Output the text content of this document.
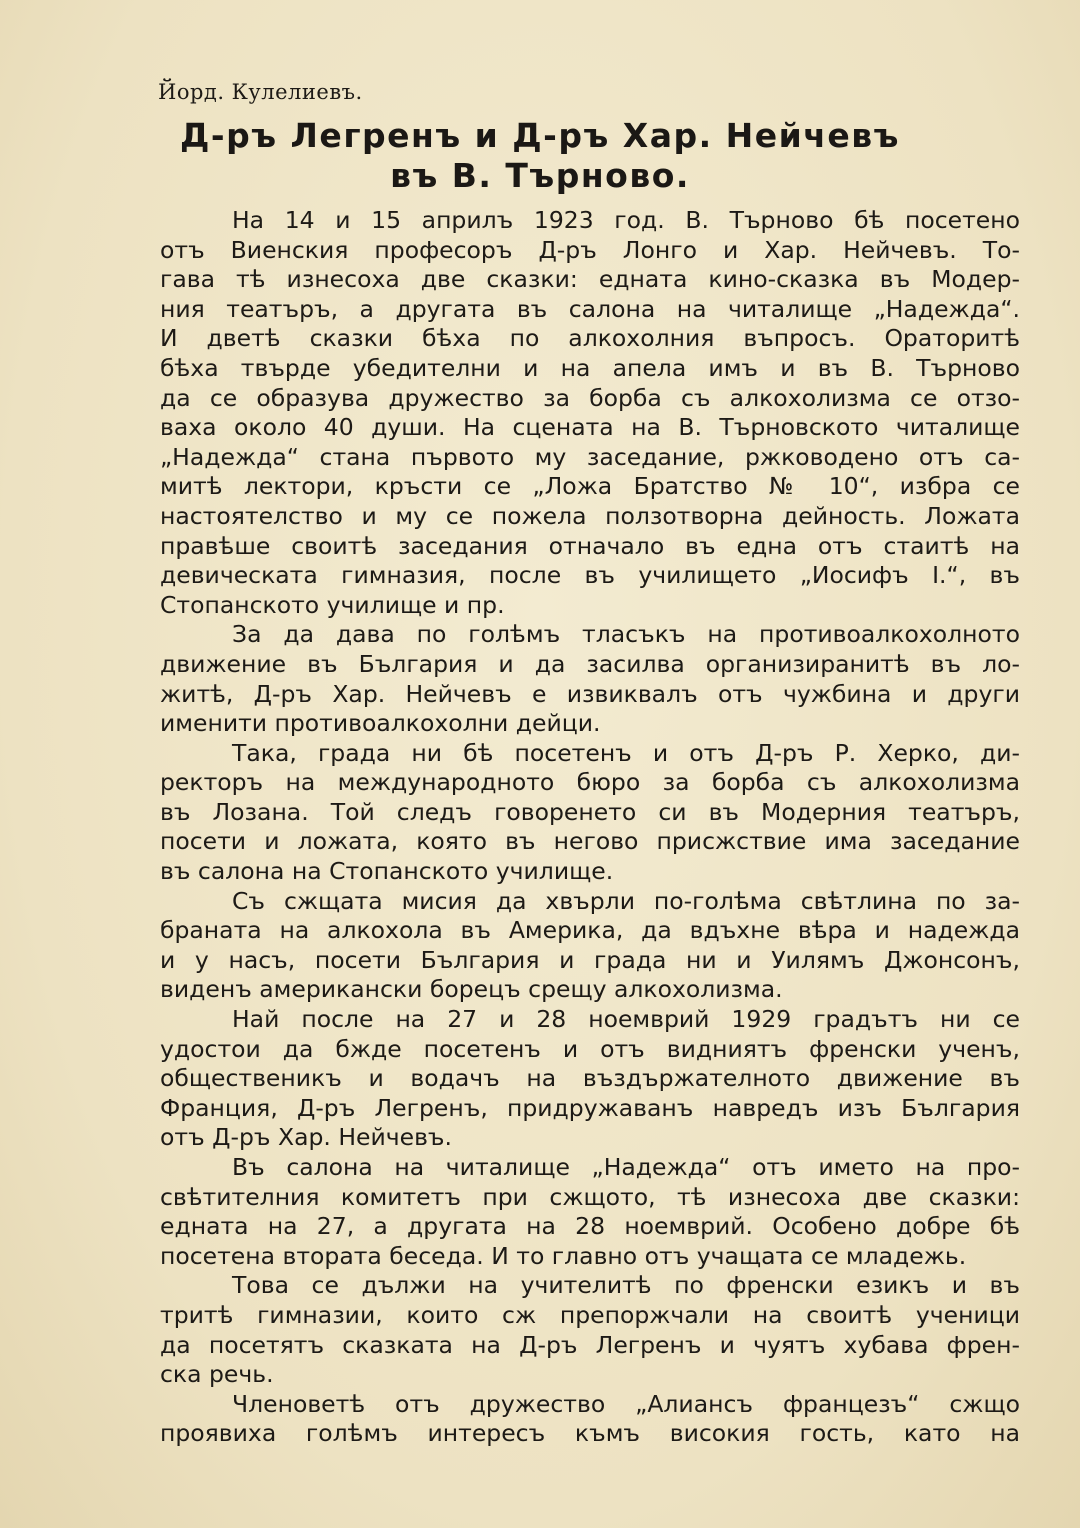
Йорд. Кулелиевъ.
Д-ръ Легренъ и Д-ръ Хар. Нейчевъ
въ В. Търново.
На 14 и 15 априлъ 1923 год. В. Търново бѣ посетено
отъ Виенския професоръ Д-ръ Лонго и Хар. Нейчевъ. То-
гава тѣ изнесоха две сказки: едната кино-сказка въ Модер-
ния театъръ, а другата въ салона на читалище „Надежда“.
И дветѣ сказки бѣха по алкохолния въпросъ. Ораторитѣ
бѣха твърде убедителни и на апела имъ и въ В. Търново
да се образува дружество за борба съ алкохолизма се отзо-
ваха около 40 души. На сцената на В. Търновското читалище
„Надежда“ стана първото му заседание, ржководено отъ са-
митѣ лектори, кръсти се „Ложа Братство № 10“, избра се
настоятелство и му се пожела ползотворна дейность. Ложата
правѣше своитѣ заседания отначало въ една отъ стаитѣ на
девическата гимназия, после въ училището „Иосифъ I.“, въ
Стопанското училище и пр.
За да дава по голѣмъ тласъкъ на противоалкохолното
движение въ България и да засилва организиранитѣ въ ло-
житѣ, Д-ръ Хар. Нейчевъ е извиквалъ отъ чужбина и други
именити противоалкохолни дейци.
Така, града ни бѣ посетенъ и отъ Д-ръ Р. Херко, ди-
ректоръ на международното бюро за борба съ алкохолизма
въ Лозана. Той следъ говоренето си въ Модерния театъръ,
посети и ложата, която въ негово присжствие има заседание
въ салона на Стопанското училище.
Съ сжщата мисия да хвърли по-голѣма свѣтлина по за-
браната на алкохола въ Америка, да вдъхне вѣра и надежда
и у насъ, посети България и града ни и Уилямъ Джонсонъ,
виденъ американски борецъ срещу алкохолизма.
Най после на 27 и 28 ноемврий 1929 градътъ ни се
удостои да бжде посетенъ и отъ видниятъ френски ученъ,
общественикъ и водачъ на въздържателното движение въ
Франция, Д-ръ Легренъ, придружаванъ навредъ изъ България
отъ Д-ръ Хар. Нейчевъ.
Въ салона на читалище „Надежда“ отъ името на про-
свѣтителния комитетъ при сжщото, тѣ изнесоха две сказки:
едната на 27, а другата на 28 ноемврий. Особено добре бѣ
посетена втората беседа. И то главно отъ учащата се младежь.
Това се дължи на учителитѣ по френски езикъ и въ
тритѣ гимназии, които сж препоржчали на своитѣ ученици
да посетятъ сказката на Д-ръ Легренъ и чуятъ хубава френ-
ска речь.
Членоветѣ отъ дружество „Алиансъ францезъ“ сжщо
проявиха голѣмъ интересъ къмъ високия гость, като на
